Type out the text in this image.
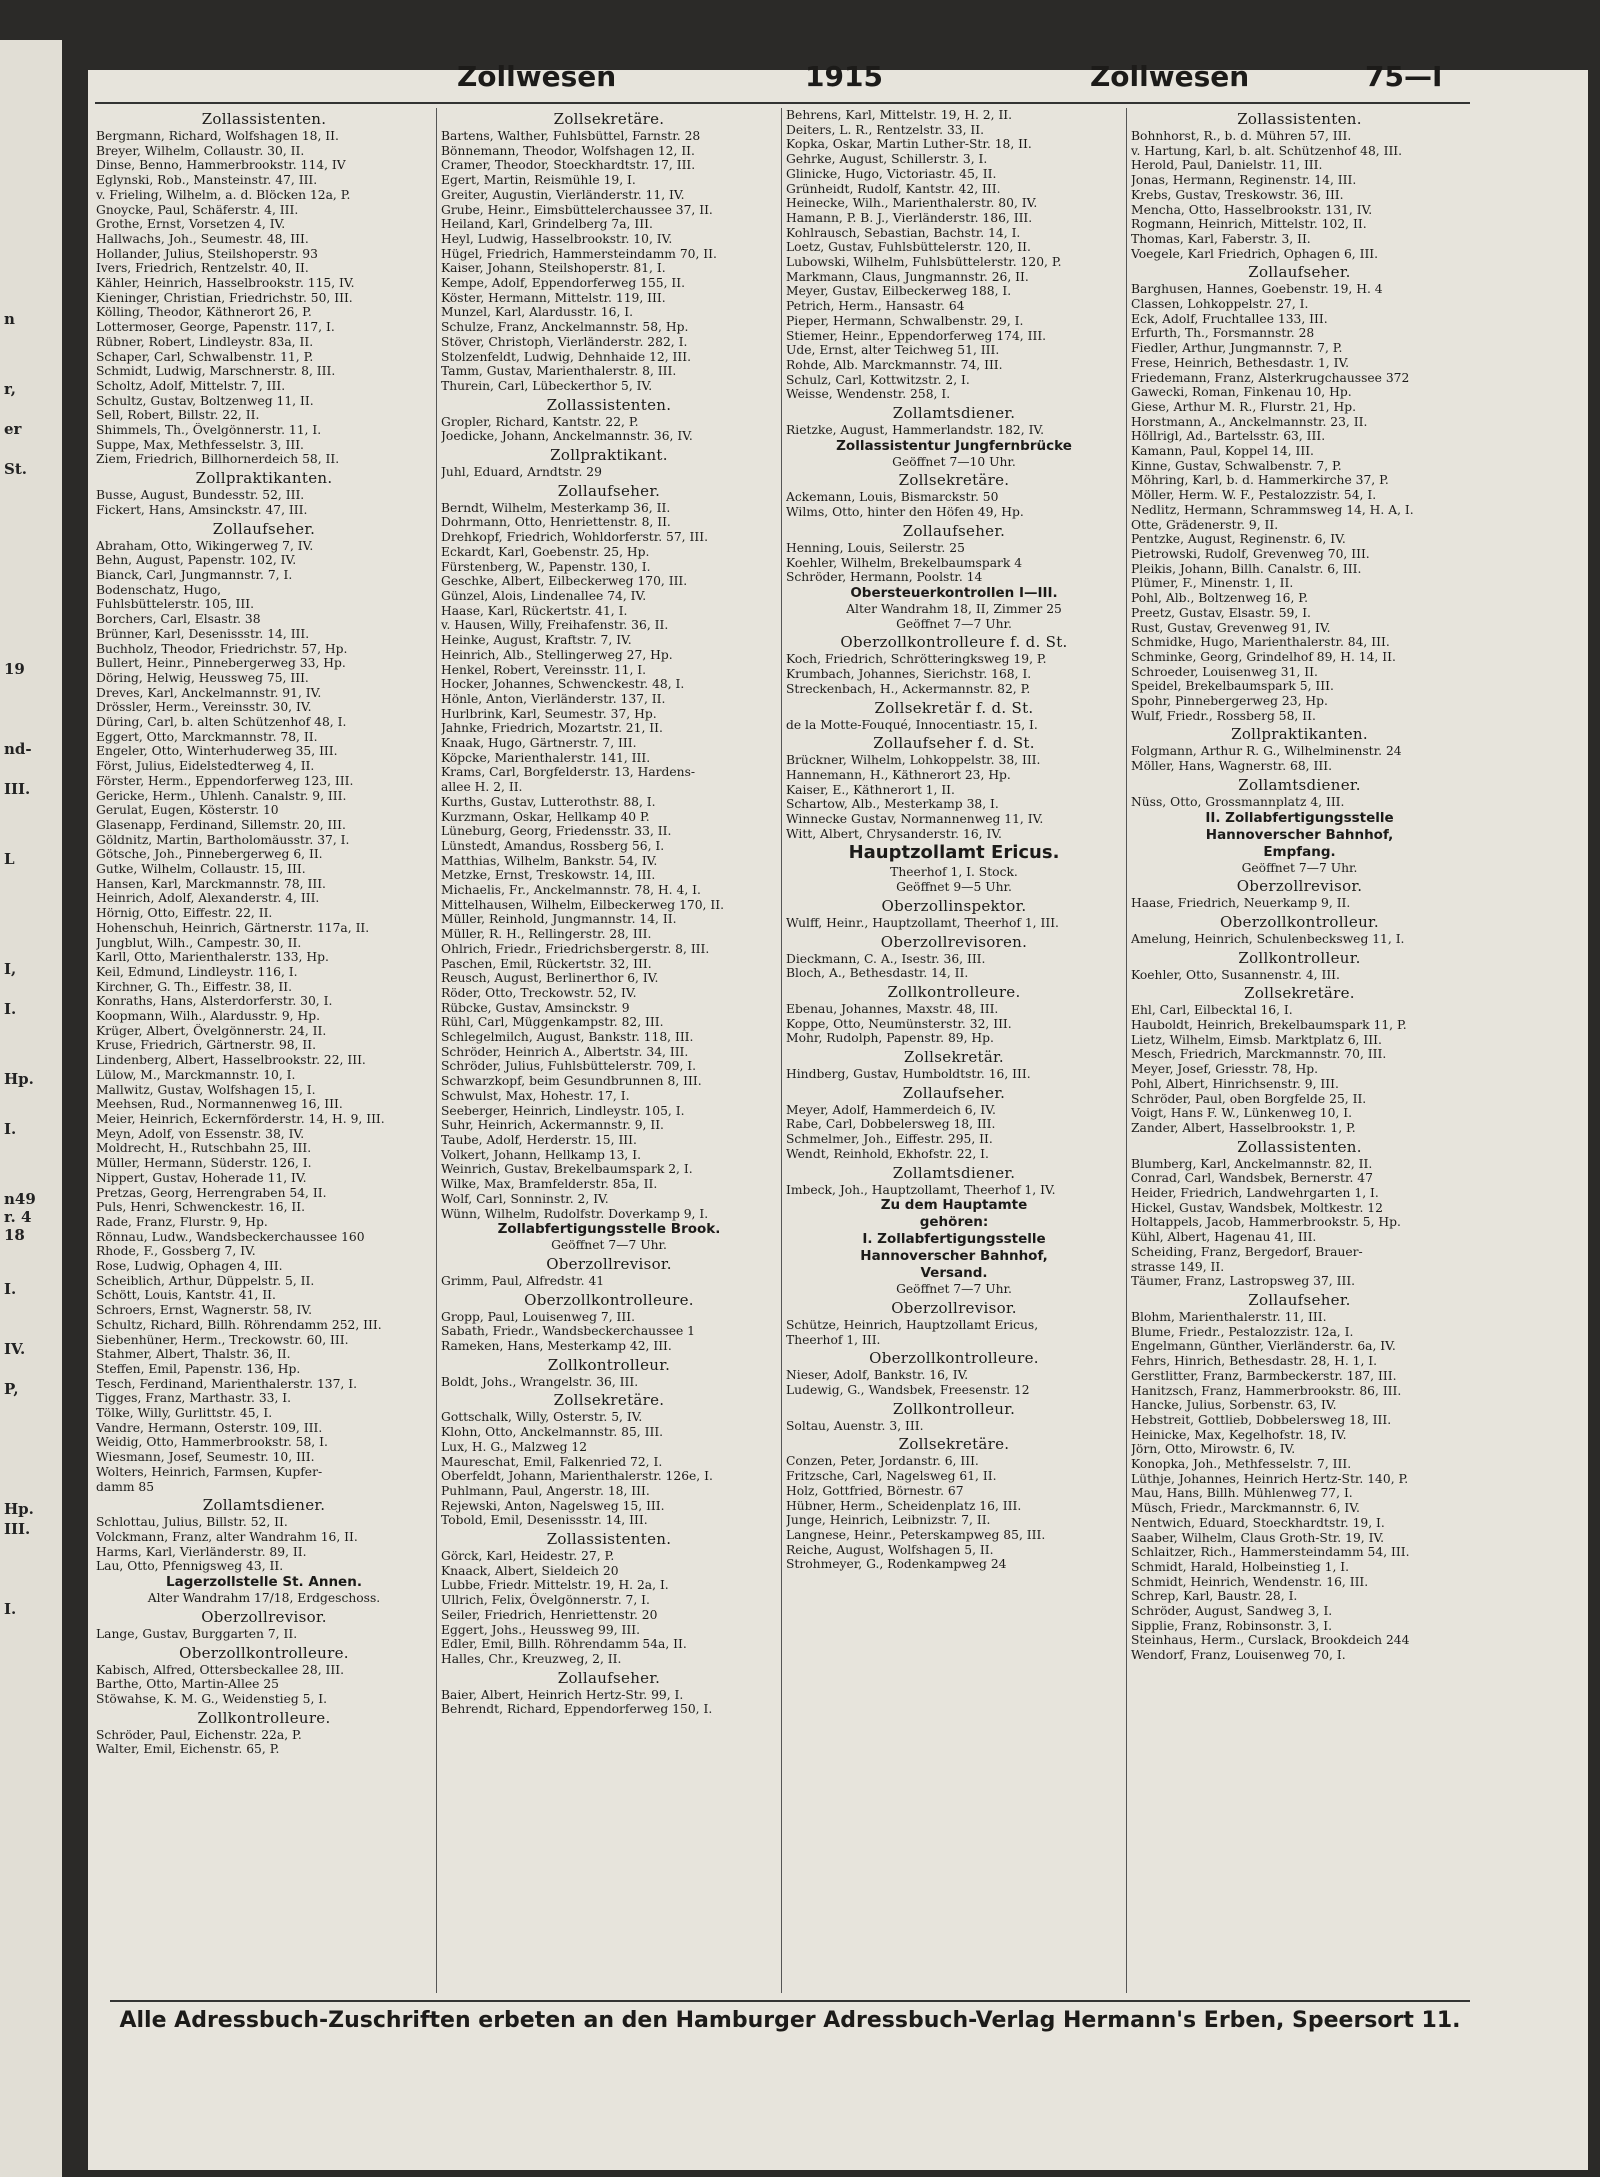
n
r,
er
St.
19
nd-
III.
L
I,
I.
Hp.
I.
n49
r. 4
18
I.
IV.
P,
Hp.
III.
I.
Zollwesen	1915	Zollwesen	75—I
Zollassistenten.
Bergmann, Richard, Wolfshagen 18, II.
Breyer, Wilhelm, Collaustr. 30, II.
Dinse, Benno, Hammerbrookstr. 114, IV
Eglynski, Rob., Mansteinstr. 47, III.
v. Frieling, Wilhelm, a. d. Blöcken 12a, P.
Gnoycke, Paul, Schäferstr. 4, III.
Grothe, Ernst, Vorsetzen 4, IV.
Hallwachs, Joh., Seumestr. 48, III.
Hollander, Julius, Steilshoperstr. 93
Ivers, Friedrich, Rentzelstr. 40, II.
Kähler, Heinrich, Hasselbrookstr. 115, IV.
Kieninger, Christian, Friedrichstr. 50, III.
Kölling, Theodor, Käthnerort 26, P.
Lottermoser, George, Papenstr. 117, I.
Rübner, Robert, Lindleystr. 83a, II.
Schaper, Carl, Schwalbenstr. 11, P.
Schmidt, Ludwig, Marschnerstr. 8, III.
Scholtz, Adolf, Mittelstr. 7, III.
Schultz, Gustav, Boltzenweg 11, II.
Sell, Robert, Billstr. 22, II.
Shimmels, Th., Övelgönnerstr. 11, I.
Suppe, Max, Methfesselstr. 3, III.
Ziem, Friedrich, Billhornerdeich 58, II.
Zollpraktikanten.
Busse, August, Bundesstr. 52, III.
Fickert, Hans, Amsinckstr. 47, III.
Zollaufseher.
Abraham, Otto, Wikingerweg 7, IV.
Behn, August, Papenstr. 102, IV.
Bianck, Carl, Jungmannstr. 7, I.
Bodenschatz, Hugo,
Fuhlsbüttelerstr. 105, III.
Borchers, Carl, Elsastr. 38
Brünner, Karl, Desenissstr. 14, III.
Buchholz, Theodor, Friedrichstr. 57, Hp.
Bullert, Heinr., Pinnebergerweg 33, Hp.
Döring, Helwig, Heussweg 75, III.
Dreves, Karl, Anckelmannstr. 91, IV.
Drössler, Herm., Vereinsstr. 30, IV.
Düring, Carl, b. alten Schützenhof 48, I.
Eggert, Otto, Marckmannstr. 78, II.
Engeler, Otto, Winterhuderweg 35, III.
Först, Julius, Eidelstedterweg 4, II.
Förster, Herm., Eppendorferweg 123, III.
Gericke, Herm., Uhlenh. Canalstr. 9, III.
Gerulat, Eugen, Kösterstr. 10
Glasenapp, Ferdinand, Sillemstr. 20, III.
Göldnitz, Martin, Bartholomäusstr. 37, I.
Götsche, Joh., Pinnebergerweg 6, II.
Gutke, Wilhelm, Collaustr. 15, III.
Hansen, Karl, Marckmannstr. 78, III.
Heinrich, Adolf, Alexanderstr. 4, III.
Hörnig, Otto, Eiffestr. 22, II.
Hohenschuh, Heinrich, Gärtnerstr. 117a, II.
Jungblut, Wilh., Campestr. 30, II.
Karll, Otto, Marienthalerstr. 133, Hp.
Keil, Edmund, Lindleystr. 116, I.
Kirchner, G. Th., Eiffestr. 38, II.
Konraths, Hans, Alsterdorferstr. 30, I.
Koopmann, Wilh., Alardusstr. 9, Hp.
Krüger, Albert, Övelgönnerstr. 24, II.
Kruse, Friedrich, Gärtnerstr. 98, II.
Lindenberg, Albert, Hasselbrookstr. 22, III.
Lülow, M., Marckmannstr. 10, I.
Mallwitz, Gustav, Wolfshagen 15, I.
Meehsen, Rud., Normannenweg 16, III.
Meier, Heinrich, Eckernförderstr. 14, H. 9, III.
Meyn, Adolf, von Essenstr. 38, IV.
Moldrecht, H., Rutschbahn 25, III.
Müller, Hermann, Süderstr. 126, I.
Nippert, Gustav, Hoherade 11, IV.
Pretzas, Georg, Herrengraben 54, II.
Puls, Henri, Schwenckestr. 16, II.
Rade, Franz, Flurstr. 9, Hp.
Rönnau, Ludw., Wandsbeckerchaussee 160
Rhode, F., Gossberg 7, IV.
Rose, Ludwig, Ophagen 4, III.
Scheiblich, Arthur, Düppelstr. 5, II.
Schött, Louis, Kantstr. 41, II.
Schroers, Ernst, Wagnerstr. 58, IV.
Schultz, Richard, Billh. Röhrendamm 252, III.
Siebenhüner, Herm., Treckowstr. 60, III.
Stahmer, Albert, Thalstr. 36, II.
Steffen, Emil, Papenstr. 136, Hp.
Tesch, Ferdinand, Marienthalerstr. 137, I.
Tigges, Franz, Marthastr. 33, I.
Tölke, Willy, Gurlittstr. 45, I.
Vandre, Hermann, Osterstr. 109, III.
Weidig, Otto, Hammerbrookstr. 58, I.
Wiesmann, Josef, Seumestr. 10, III.
Wolters, Heinrich, Farmsen, Kupfer-
damm 85
Zollamtsdiener.
Schlottau, Julius, Billstr. 52, II.
Volckmann, Franz, alter Wandrahm 16, II.
Harms, Karl, Vierländerstr. 89, II.
Lau, Otto, Pfennigsweg 43, II.
Lagerzollstelle St. Annen.
Alter Wandrahm 17/18, Erdgeschoss.
Oberzollrevisor.
Lange, Gustav, Burggarten 7, II.
Oberzollkontrolleure.
Kabisch, Alfred, Ottersbeckallee 28, III.
Barthe, Otto, Martin-Allee 25
Stöwahse, K. M. G., Weidenstieg 5, I.
Zollkontrolleure.
Schröder, Paul, Eichenstr. 22a, P.
Walter, Emil, Eichenstr. 65, P.
Zollsekretäre.
Bartens, Walther, Fuhlsbüttel, Farnstr. 28
Bönnemann, Theodor, Wolfshagen 12, II.
Cramer, Theodor, Stoeckhardtstr. 17, III.
Egert, Martin, Reismühle 19, I.
Greiter, Augustin, Vierländerstr. 11, IV.
Grube, Heinr., Eimsbüttelerchaussee 37, II.
Heiland, Karl, Grindelberg 7a, III.
Heyl, Ludwig, Hasselbrookstr. 10, IV.
Hügel, Friedrich, Hammersteindamm 70, II.
Kaiser, Johann, Steilshoperstr. 81, I.
Kempe, Adolf, Eppendorferweg 155, II.
Köster, Hermann, Mittelstr. 119, III.
Munzel, Karl, Alardusstr. 16, I.
Schulze, Franz, Anckelmannstr. 58, Hp.
Stöver, Christoph, Vierländerstr. 282, I.
Stolzenfeldt, Ludwig, Dehnhaide 12, III.
Tamm, Gustav, Marienthalerstr. 8, III.
Thurein, Carl, Lübeckerthor 5, IV.
Zollassistenten.
Gropler, Richard, Kantstr. 22, P.
Joedicke, Johann, Anckelmannstr. 36, IV.
Zollpraktikant.
Juhl, Eduard, Arndtstr. 29
Zollaufseher.
Berndt, Wilhelm, Mesterkamp 36, II.
Dohrmann, Otto, Henriettenstr. 8, II.
Drehkopf, Friedrich, Wohldorferstr. 57, III.
Eckardt, Karl, Goebenstr. 25, Hp.
Fürstenberg, W., Papenstr. 130, I.
Geschke, Albert, Eilbeckerweg 170, III.
Günzel, Alois, Lindenallee 74, IV.
Haase, Karl, Rückertstr. 41, I.
v. Hausen, Willy, Freihafenstr. 36, II.
Heinke, August, Kraftstr. 7, IV.
Heinrich, Alb., Stellingerweg 27, Hp.
Henkel, Robert, Vereinsstr. 11, I.
Hocker, Johannes, Schwenckestr. 48, I.
Hönle, Anton, Vierländerstr. 137, II.
Hurlbrink, Karl, Seumestr. 37, Hp.
Jahnke, Friedrich, Mozartstr. 21, II.
Knaak, Hugo, Gärtnerstr. 7, III.
Köpcke, Marienthalerstr. 141, III.
Krams, Carl, Borgfelderstr. 13, Hardens-
allee H. 2, II.
Kurths, Gustav, Lutterothstr. 88, I.
Kurzmann, Oskar, Hellkamp 40 P.
Lüneburg, Georg, Friedensstr. 33, II.
Lünstedt, Amandus, Rossberg 56, I.
Matthias, Wilhelm, Bankstr. 54, IV.
Metzke, Ernst, Treskowstr. 14, III.
Michaelis, Fr., Anckelmannstr. 78, H. 4, I.
Mittelhausen, Wilhelm, Eilbeckerweg 170, II.
Müller, Reinhold, Jungmannstr. 14, II.
Müller, R. H., Rellingerstr. 28, III.
Ohlrich, Friedr., Friedrichsbergerstr. 8, III.
Paschen, Emil, Rückertstr. 32, III.
Reusch, August, Berlinerthor 6, IV.
Röder, Otto, Treckowstr. 52, IV.
Rübcke, Gustav, Amsinckstr. 9
Rühl, Carl, Müggenkampstr. 82, III.
Schlegelmilch, August, Bankstr. 118, III.
Schröder, Heinrich A., Albertstr. 34, III.
Schröder, Julius, Fuhlsbüttelerstr. 709, I.
Schwarzkopf, beim Gesundbrunnen 8, III.
Schwulst, Max, Hohestr. 17, I.
Seeberger, Heinrich, Lindleystr. 105, I.
Suhr, Heinrich, Ackermannstr. 9, II.
Taube, Adolf, Herderstr. 15, III.
Volkert, Johann, Hellkamp 13, I.
Weinrich, Gustav, Brekelbaumspark 2, I.
Wilke, Max, Bramfelderstr. 85a, II.
Wolf, Carl, Sonninstr. 2, IV.
Wünn, Wilhelm, Rudolfstr. Doverkamp 9, I.
Zollabfertigungsstelle Brook.
Geöffnet 7—7 Uhr.
Oberzollrevisor.
Grimm, Paul, Alfredstr. 41
Oberzollkontrolleure.
Gropp, Paul, Louisenweg 7, III.
Sabath, Friedr., Wandsbeckerchaussee 1
Rameken, Hans, Mesterkamp 42, III.
Zollkontrolleur.
Boldt, Johs., Wrangelstr. 36, III.
Zollsekretäre.
Gottschalk, Willy, Osterstr. 5, IV.
Klohn, Otto, Anckelmannstr. 85, III.
Lux, H. G., Malzweg 12
Maureschat, Emil, Falkenried 72, I.
Oberfeldt, Johann, Marienthalerstr. 126e, I.
Puhlmann, Paul, Angerstr. 18, III.
Rejewski, Anton, Nagelsweg 15, III.
Tobold, Emil, Desenissstr. 14, III.
Zollassistenten.
Görck, Karl, Heidestr. 27, P.
Knaack, Albert, Sieldeich 20
Lubbe, Friedr. Mittelstr. 19, H. 2a, I.
Ullrich, Felix, Övelgönnerstr. 7, I.
Seiler, Friedrich, Henriettenstr. 20
Eggert, Johs., Heussweg 99, III.
Edler, Emil, Billh. Röhrendamm 54a, II.
Halles, Chr., Kreuzweg, 2, II.
Zollaufseher.
Baier, Albert, Heinrich Hertz-Str. 99, I.
Behrendt, Richard, Eppendorferweg 150, I.
Behrens, Karl, Mittelstr. 19, H. 2, II.
Deiters, L. R., Rentzelstr. 33, II.
Kopka, Oskar, Martin Luther-Str. 18, II.
Gehrke, August, Schillerstr. 3, I.
Glinicke, Hugo, Victoriastr. 45, II.
Grünheidt, Rudolf, Kantstr. 42, III.
Heinecke, Wilh., Marienthalerstr. 80, IV.
Hamann, P. B. J., Vierländerstr. 186, III.
Kohlrausch, Sebastian, Bachstr. 14, I.
Loetz, Gustav, Fuhlsbüttelerstr. 120, II.
Lubowski, Wilhelm, Fuhlsbüttelerstr. 120, P.
Markmann, Claus, Jungmannstr. 26, II.
Meyer, Gustav, Eilbeckerweg 188, I.
Petrich, Herm., Hansastr. 64
Pieper, Hermann, Schwalbenstr. 29, I.
Stiemer, Heinr., Eppendorferweg 174, III.
Ude, Ernst, alter Teichweg 51, III.
Rohde, Alb. Marckmannstr. 74, III.
Schulz, Carl, Kottwitzstr. 2, I.
Weisse, Wendenstr. 258, I.
Zollamtsdiener.
Rietzke, August, Hammerlandstr. 182, IV.
Zollassistentur Jungfernbrücke
Geöffnet 7—10 Uhr.
Zollsekretäre.
Ackemann, Louis, Bismarckstr. 50
Wilms, Otto, hinter den Höfen 49, Hp.
Zollaufseher.
Henning, Louis, Seilerstr. 25
Koehler, Wilhelm, Brekelbaumspark 4
Schröder, Hermann, Poolstr. 14
Obersteuerkontrollen I—III.
Alter Wandrahm 18, II, Zimmer 25
Geöffnet 7—7 Uhr.
Oberzollkontrolleure f. d. St.
Koch, Friedrich, Schrötteringksweg 19, P.
Krumbach, Johannes, Sierichstr. 168, I.
Streckenbach, H., Ackermannstr. 82, P.
Zollsekretär f. d. St.
de la Motte-Fouqué, Innocentiastr. 15, I.
Zollaufseher f. d. St.
Brückner, Wilhelm, Lohkoppelstr. 38, III.
Hannemann, H., Käthnerort 23, Hp.
Kaiser, E., Käthnerort 1, II.
Schartow, Alb., Mesterkamp 38, I.
Winnecke Gustav, Normannenweg 11, IV.
Witt, Albert, Chrysanderstr. 16, IV.
Hauptzollamt Ericus.
Theerhof 1, I. Stock.
Geöffnet 9—5 Uhr.
Oberzollinspektor.
Wulff, Heinr., Hauptzollamt, Theerhof 1, III.
Oberzollrevisoren.
Dieckmann, C. A., Isestr. 36, III.
Bloch, A., Bethesdastr. 14, II.
Zollkontrolleure.
Ebenau, Johannes, Maxstr. 48, III.
Koppe, Otto, Neumünsterstr. 32, III.
Mohr, Rudolph, Papenstr. 89, Hp.
Zollsekretär.
Hindberg, Gustav, Humboldtstr. 16, III.
Zollaufseher.
Meyer, Adolf, Hammerdeich 6, IV.
Rabe, Carl, Dobbelersweg 18, III.
Schmelmer, Joh., Eiffestr. 295, II.
Wendt, Reinhold, Ekhofstr. 22, I.
Zollamtsdiener.
Imbeck, Joh., Hauptzollamt, Theerhof 1, IV.
Zu dem Hauptamte
gehören:
I. Zollabfertigungsstelle
Hannoverscher Bahnhof,
Versand.
Geöffnet 7—7 Uhr.
Oberzollrevisor.
Schütze, Heinrich, Hauptzollamt Ericus,
Theerhof 1, III.
Oberzollkontrolleure.
Nieser, Adolf, Bankstr. 16, IV.
Ludewig, G., Wandsbek, Freesenstr. 12
Zollkontrolleur.
Soltau, Auenstr. 3, III.
Zollsekretäre.
Conzen, Peter, Jordanstr. 6, III.
Fritzsche, Carl, Nagelsweg 61, II.
Holz, Gottfried, Börnestr. 67
Hübner, Herm., Scheidenplatz 16, III.
Junge, Heinrich, Leibnizstr. 7, II.
Langnese, Heinr., Peterskampweg 85, III.
Reiche, August, Wolfshagen 5, II.
Strohmeyer, G., Rodenkampweg 24
Zollassistenten.
Bohnhorst, R., b. d. Mühren 57, III.
v. Hartung, Karl, b. alt. Schützenhof 48, III.
Herold, Paul, Danielstr. 11, III.
Jonas, Hermann, Reginenstr. 14, III.
Krebs, Gustav, Treskowstr. 36, III.
Mencha, Otto, Hasselbrookstr. 131, IV.
Rogmann, Heinrich, Mittelstr. 102, II.
Thomas, Karl, Faberstr. 3, II.
Voegele, Karl Friedrich, Ophagen 6, III.
Zollaufseher.
Barghusen, Hannes, Goebenstr. 19, H. 4
Classen, Lohkoppelstr. 27, I.
Eck, Adolf, Fruchtallee 133, III.
Erfurth, Th., Forsmannstr. 28
Fiedler, Arthur, Jungmannstr. 7, P.
Frese, Heinrich, Bethesdastr. 1, IV.
Friedemann, Franz, Alsterkrugchaussee 372
Gawecki, Roman, Finkenau 10, Hp.
Giese, Arthur M. R., Flurstr. 21, Hp.
Horstmann, A., Anckelmannstr. 23, II.
Höllrigl, Ad., Bartelsstr. 63, III.
Kamann, Paul, Koppel 14, III.
Kinne, Gustav, Schwalbenstr. 7, P.
Möhring, Karl, b. d. Hammerkirche 37, P.
Möller, Herm. W. F., Pestalozzistr. 54, I.
Nedlitz, Hermann, Schrammsweg 14, H. A, I.
Otte, Grädenerstr. 9, II.
Pentzke, August, Reginenstr. 6, IV.
Pietrowski, Rudolf, Grevenweg 70, III.
Pleikis, Johann, Billh. Canalstr. 6, III.
Plümer, F., Minenstr. 1, II.
Pohl, Alb., Boltzenweg 16, P.
Preetz, Gustav, Elsastr. 59, I.
Rust, Gustav, Grevenweg 91, IV.
Schmidke, Hugo, Marienthalerstr. 84, III.
Schminke, Georg, Grindelhof 89, H. 14, II.
Schroeder, Louisenweg 31, II.
Speidel, Brekelbaumspark 5, III.
Spohr, Pinnebergerweg 23, Hp.
Wulf, Friedr., Rossberg 58, II.
Zollpraktikanten.
Folgmann, Arthur R. G., Wilhelminenstr. 24
Möller, Hans, Wagnerstr. 68, III.
Zollamtsdiener.
Nüss, Otto, Grossmannplatz 4, III.
II. Zollabfertigungsstelle
Hannoverscher Bahnhof,
Empfang.
Geöffnet 7—7 Uhr.
Oberzollrevisor.
Haase, Friedrich, Neuerkamp 9, II.
Oberzollkontrolleur.
Amelung, Heinrich, Schulenbecksweg 11, I.
Zollkontrolleur.
Koehler, Otto, Susannenstr. 4, III.
Zollsekretäre.
Ehl, Carl, Eilbecktal 16, I.
Hauboldt, Heinrich, Brekelbaumspark 11, P.
Lietz, Wilhelm, Eimsb. Marktplatz 6, III.
Mesch, Friedrich, Marckmannstr. 70, III.
Meyer, Josef, Griesstr. 78, Hp.
Pohl, Albert, Hinrichsenstr. 9, III.
Schröder, Paul, oben Borgfelde 25, II.
Voigt, Hans F. W., Lünkenweg 10, I.
Zander, Albert, Hasselbrookstr. 1, P.
Zollassistenten.
Blumberg, Karl, Anckelmannstr. 82, II.
Conrad, Carl, Wandsbek, Bernerstr. 47
Heider, Friedrich, Landwehrgarten 1, I.
Hickel, Gustav, Wandsbek, Moltkestr. 12
Holtappels, Jacob, Hammerbrookstr. 5, Hp.
Kühl, Albert, Hagenau 41, III.
Scheiding, Franz, Bergedorf, Brauer-
strasse 149, II.
Täumer, Franz, Lastropsweg 37, III.
Zollaufseher.
Blohm, Marienthalerstr. 11, III.
Blume, Friedr., Pestalozzistr. 12a, I.
Engelmann, Günther, Vierländerstr. 6a, IV.
Fehrs, Hinrich, Bethesdastr. 28, H. 1, I.
Gerstlitter, Franz, Barmbeckerstr. 187, III.
Hanitzsch, Franz, Hammerbrookstr. 86, III.
Hancke, Julius, Sorbenstr. 63, IV.
Hebstreit, Gottlieb, Dobbelersweg 18, III.
Heinicke, Max, Kegelhofstr. 18, IV.
Jörn, Otto, Mirowstr. 6, IV.
Konopka, Joh., Methfesselstr. 7, III.
Lüthje, Johannes, Heinrich Hertz-Str. 140, P.
Mau, Hans, Billh. Mühlenweg 77, I.
Müsch, Friedr., Marckmannstr. 6, IV.
Nentwich, Eduard, Stoeckhardtstr. 19, I.
Saaber, Wilhelm, Claus Groth-Str. 19, IV.
Schlaitzer, Rich., Hammersteindamm 54, III.
Schmidt, Harald, Holbeinstieg 1, I.
Schmidt, Heinrich, Wendenstr. 16, III.
Schrep, Karl, Baustr. 28, I.
Schröder, August, Sandweg 3, I.
Sipplie, Franz, Robinsonstr. 3, I.
Steinhaus, Herm., Curslack, Brookdeich 244
Wendorf, Franz, Louisenweg 70, I.
Alle Adressbuch-Zuschriften erbeten an den Hamburger Adressbuch-Verlag Hermann's Erben, Speersort 11.
